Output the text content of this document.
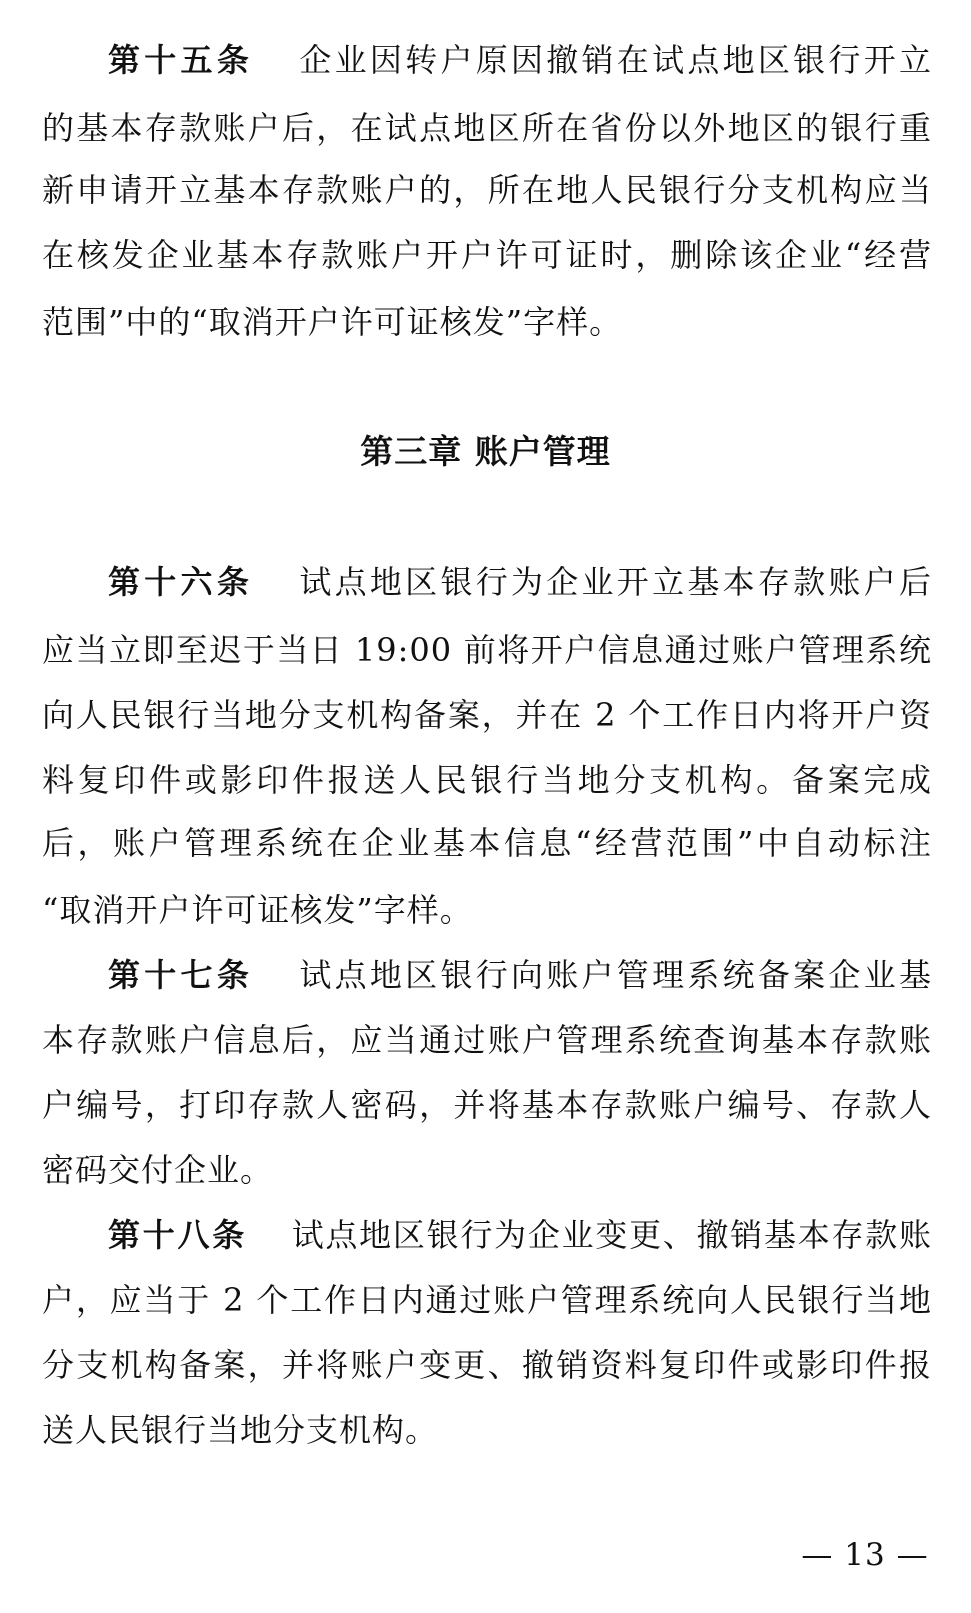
第十五条 企业因转户原因撤销在试点地区银行开立
的基本存款账户后，在试点地区所在省份以外地区的银行重
新申请开立基本存款账户的，所在地人民银行分支机构应当
在核发企业基本存款账户开户许可证时，删除该企业“经营
范围”中的“取消开户许可证核发”字样。
第三章 账户管理
第十六条 试点地区银行为企业开立基本存款账户后
应当立即至迟于当日 19:00 前将开户信息通过账户管理系统
向人民银行当地分支机构备案，并在 2 个工作日内将开户资
料复印件或影印件报送人民银行当地分支机构。备案完成
后，账户管理系统在企业基本信息“经营范围”中自动标注
“取消开户许可证核发”字样。
第十七条 试点地区银行向账户管理系统备案企业基
本存款账户信息后，应当通过账户管理系统查询基本存款账
户编号，打印存款人密码，并将基本存款账户编号、存款人
密码交付企业。
第十八条 试点地区银行为企业变更、撤销基本存款账
户，应当于 2 个工作日内通过账户管理系统向人民银行当地
分支机构备案，并将账户变更、撤销资料复印件或影印件报
送人民银行当地分支机构。
— 13 —
